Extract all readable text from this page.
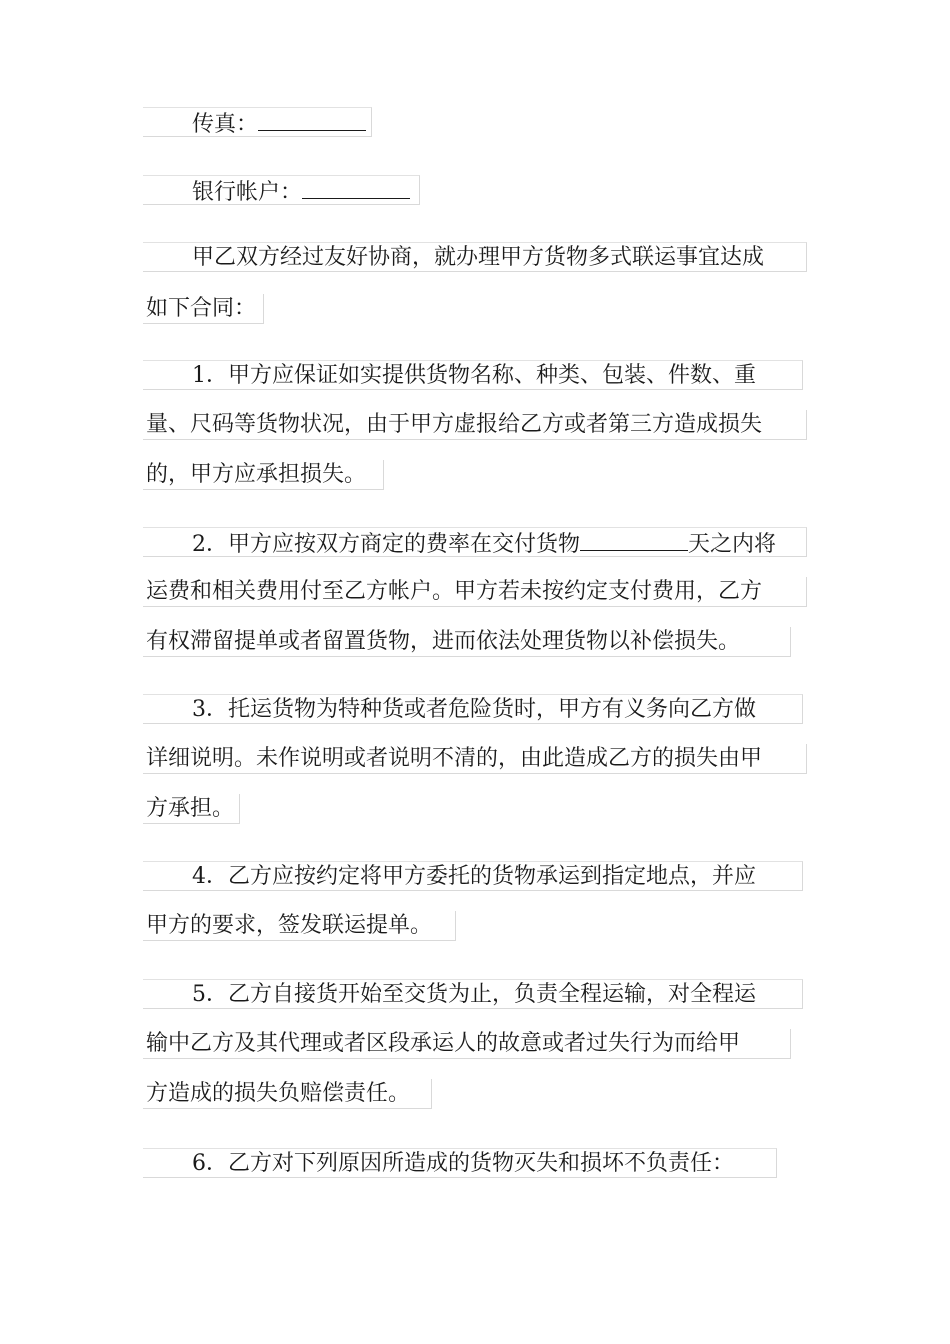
传真：
银行帐户：
甲乙双方经过友好协商，就办理甲方货物多式联运事宜达成
如下合同：
1．甲方应保证如实提供货物名称、种类、包装、件数、重
量、尺码等货物状况，由于甲方虚报给乙方或者第三方造成损失
的，甲方应承担损失。
2．甲方应按双方商定的费率在交付货物	天之内将
运费和相关费用付至乙方帐户。甲方若未按约定支付费用，乙方
有权滞留提单或者留置货物，进而依法处理货物以补偿损失。
3．托运货物为特种货或者危险货时，甲方有义务向乙方做
详细说明。未作说明或者说明不清的，由此造成乙方的损失由甲
方承担。
4．乙方应按约定将甲方委托的货物承运到指定地点，并应
甲方的要求，签发联运提单。
5．乙方自接货开始至交货为止，负责全程运输，对全程运
输中乙方及其代理或者区段承运人的故意或者过失行为而给甲
方造成的损失负赔偿责任。
6．乙方对下列原因所造成的货物灭失和损坏不负责任：
